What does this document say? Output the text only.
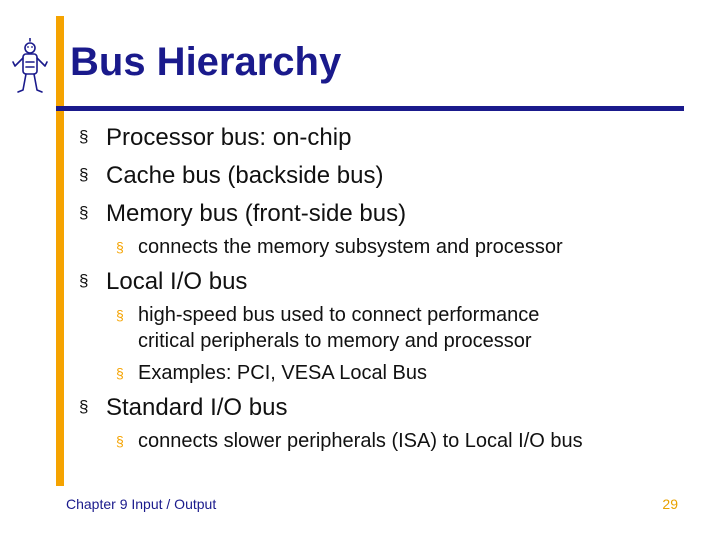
Bus Hierarchy
§ Processor bus: on-chip
§ Cache bus (backside bus)
§ Memory bus (front-side bus)
§ connects the memory subsystem and processor
§ Local I/O bus
§ high-speed bus used to connect performance
critical peripherals to memory and processor
§ Examples: PCI, VESA Local Bus
§ Standard I/O bus
§ connects slower peripherals (ISA) to Local I/O bus
Chapter 9 Input / Output	29
